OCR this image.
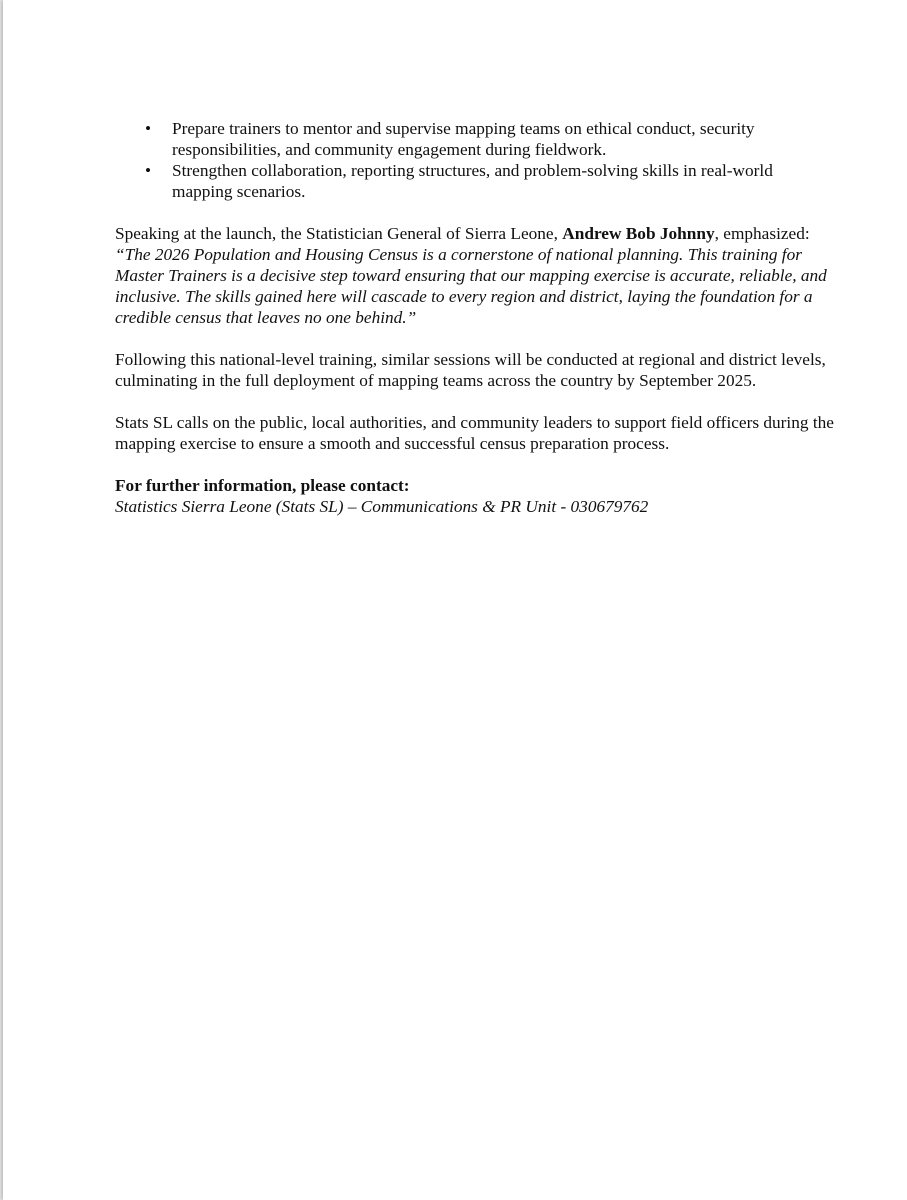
• Prepare trainers to mentor and supervise mapping teams on ethical conduct, security responsibilities, and community engagement during fieldwork.
• Strengthen collaboration, reporting structures, and problem-solving skills in real-world mapping scenarios.

Speaking at the launch, the Statistician General of Sierra Leone, Andrew Bob Johnny, emphasized:

“The 2026 Population and Housing Census is a cornerstone of national planning. This training for Master Trainers is a decisive step toward ensuring that our mapping exercise is accurate, reliable, and inclusive. The skills gained here will cascade to every region and district, laying the foundation for a credible census that leaves no one behind.”

Following this national-level training, similar sessions will be conducted at regional and district levels, culminating in the full deployment of mapping teams across the country by September 2025.

Stats SL calls on the public, local authorities, and community leaders to support field officers during the mapping exercise to ensure a smooth and successful census preparation process.

For further information, please contact:

Statistics Sierra Leone (Stats SL) – Communications & PR Unit - 030679762
